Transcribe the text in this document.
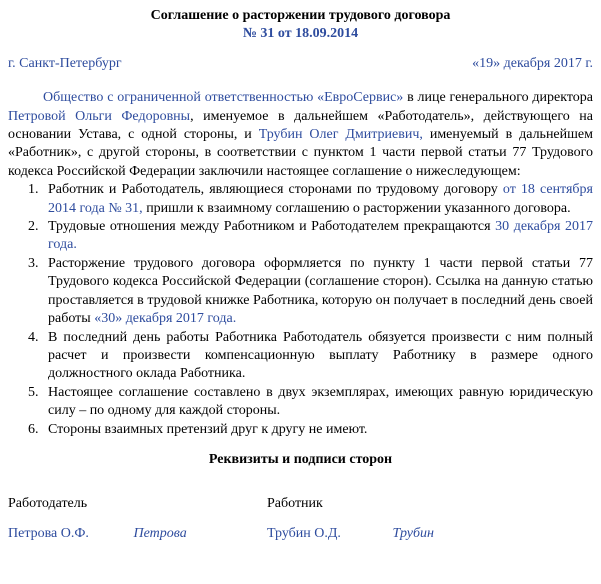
Соглашение о расторжении трудового договора
№ 31 от 18.09.2014
г. Санкт-Петербург	«19» декабря 2017 г.

Общество с ограниченной ответственностью «ЕвроСервис» в лице генерального директора Петровой Ольги Федоровны, именуемое в дальнейшем «Работодатель», действующего на основании Устава, с одной стороны, и Трубин Олег Дмитриевич, именуемый в дальнейшем «Работник», с другой стороны, в соответствии с пунктом 1 части первой статьи 77 Трудового кодекса Российской Федерации заключили настоящее соглашение о нижеследующем:

1. Работник и Работодатель, являющиеся сторонами по трудовому договору от 18 сентября 2014 года № 31, пришли к взаимному соглашению о расторжении указанного договора.
2. Трудовые отношения между Работником и Работодателем прекращаются 30 декабря 2017 года.
3. Расторжение трудового договора оформляется по пункту 1 части первой статьи 77 Трудового кодекса Российской Федерации (соглашение сторон). Ссылка на данную статью проставляется в трудовой книжке Работника, которую он получает в последний день своей работы «30» декабря 2017 года.
4. В последний день работы Работника Работодатель обязуется произвести с ним полный расчет и произвести компенсационную выплату Работнику в размере одного должностного оклада Работника.
5. Настоящее соглашение составлено в двух экземплярах, имеющих равную юридическую силу – по одному для каждой стороны.
6. Стороны взаимных претензий друг к другу не имеют.
Реквизиты и подписи сторон
Работодатель	Работник
Петрова О.Ф.	Петрова	Трубин О.Д.	Трубин
